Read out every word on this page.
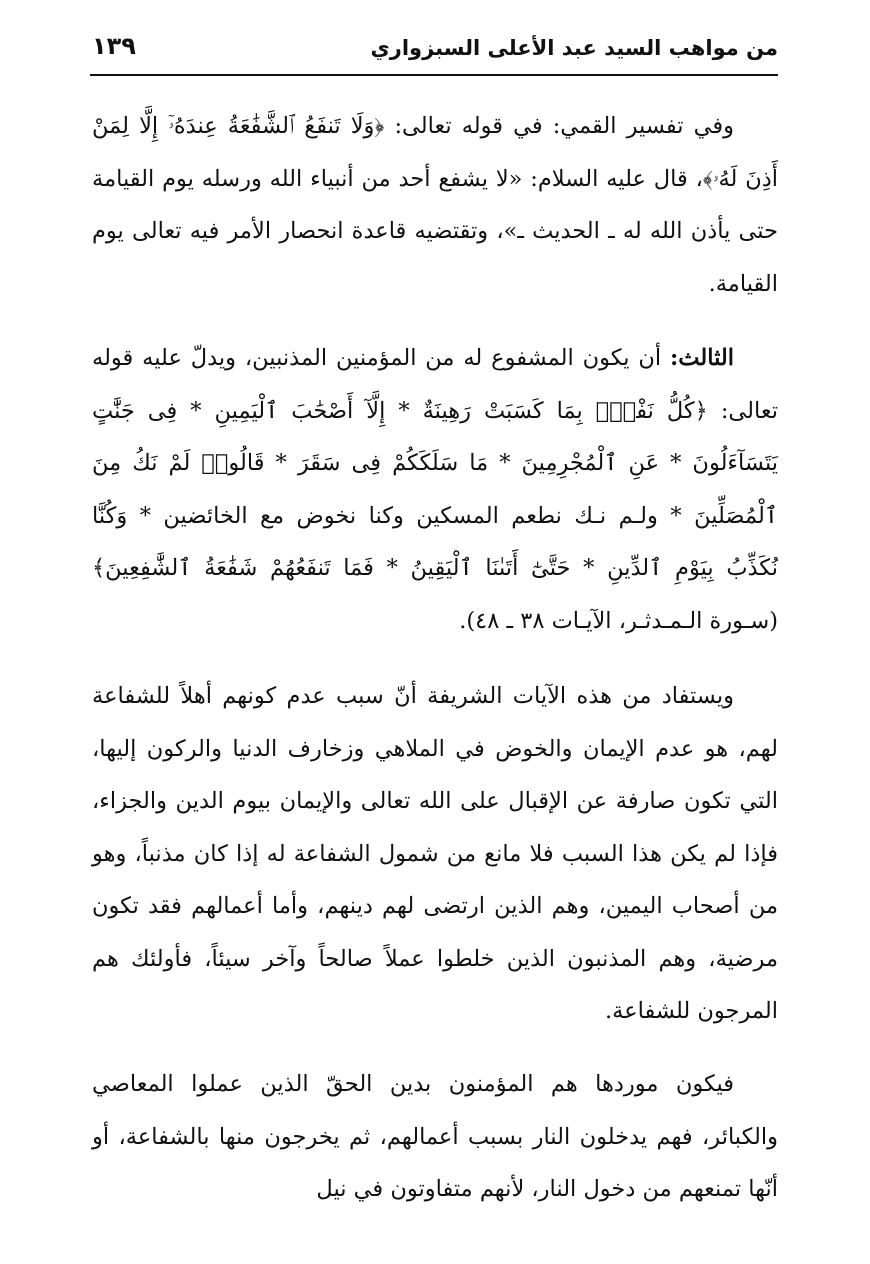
من مواهب السيد عبد الأعلى السبزواري
١٣٩

وفي تفسير القمي: في قوله تعالى: ﴿وَلَا تَنفَعُ ٱلشَّفَٰعَةُ عِندَهُۥٓ إِلَّا لِمَنْ أَذِنَ لَهُۥ﴾، قال عليه السلام: «لا يشفع أحد من أنبياء الله ورسله يوم القيامة حتى يأذن الله له ـ الحديث ـ»، وتقتضيه قاعدة انحصار الأمر فيه تعالى يوم القيامة.

الثالث: أن يكون المشفوع له من المؤمنين المذنبين، ويدلّ عليه قوله تعالى: ﴿كُلُّ نَفْسٍۭ بِمَا كَسَبَتْ رَهِينَةٌ * إِلَّآ أَصْحَٰبَ ٱلْيَمِينِ * فِى جَنَّٰتٍ يَتَسَآءَلُونَ * عَنِ ٱلْمُجْرِمِينَ * مَا سَلَكَكُمْ فِى سَقَرَ * قَالُوا۟ لَمْ نَكُ مِنَ ٱلْمُصَلِّينَ * ولـم نـك نطعم المسكين وكنا نخوض مع الخائضين * وَكُنَّا نُكَذِّبُ بِيَوْمِ ٱلدِّينِ * حَتَّىٰٓ أَتَىٰنَا ٱلْيَقِينُ * فَمَا تَنفَعُهُمْ شَفَٰعَةُ ٱلشَّٰفِعِينَ﴾ (سـورة الـمـدثـر، الآيـات ٣٨ ـ ٤٨).

ويستفاد من هذه الآيات الشريفة أنّ سبب عدم كونهم أهلاً للشفاعة لهم، هو عدم الإيمان والخوض في الملاهي وزخارف الدنيا والركون إليها، التي تكون صارفة عن الإقبال على الله تعالى والإيمان بيوم الدين والجزاء، فإذا لم يكن هذا السبب فلا مانع من شمول الشفاعة له إذا كان مذنباً، وهو من أصحاب اليمين، وهم الذين ارتضى لهم دينهم، وأما أعمالهم فقد تكون مرضية، وهم المذنبون الذين خلطوا عملاً صالحاً وآخر سيئاً، فأولئك هم المرجون للشفاعة.

فيكون موردها هم المؤمنون بدين الحقّ الذين عملوا المعاصي والكبائر، فهم يدخلون النار بسبب أعمالهم، ثم يخرجون منها بالشفاعة، أو أنّها تمنعهم من دخول النار، لأنهم متفاوتون في نيل
